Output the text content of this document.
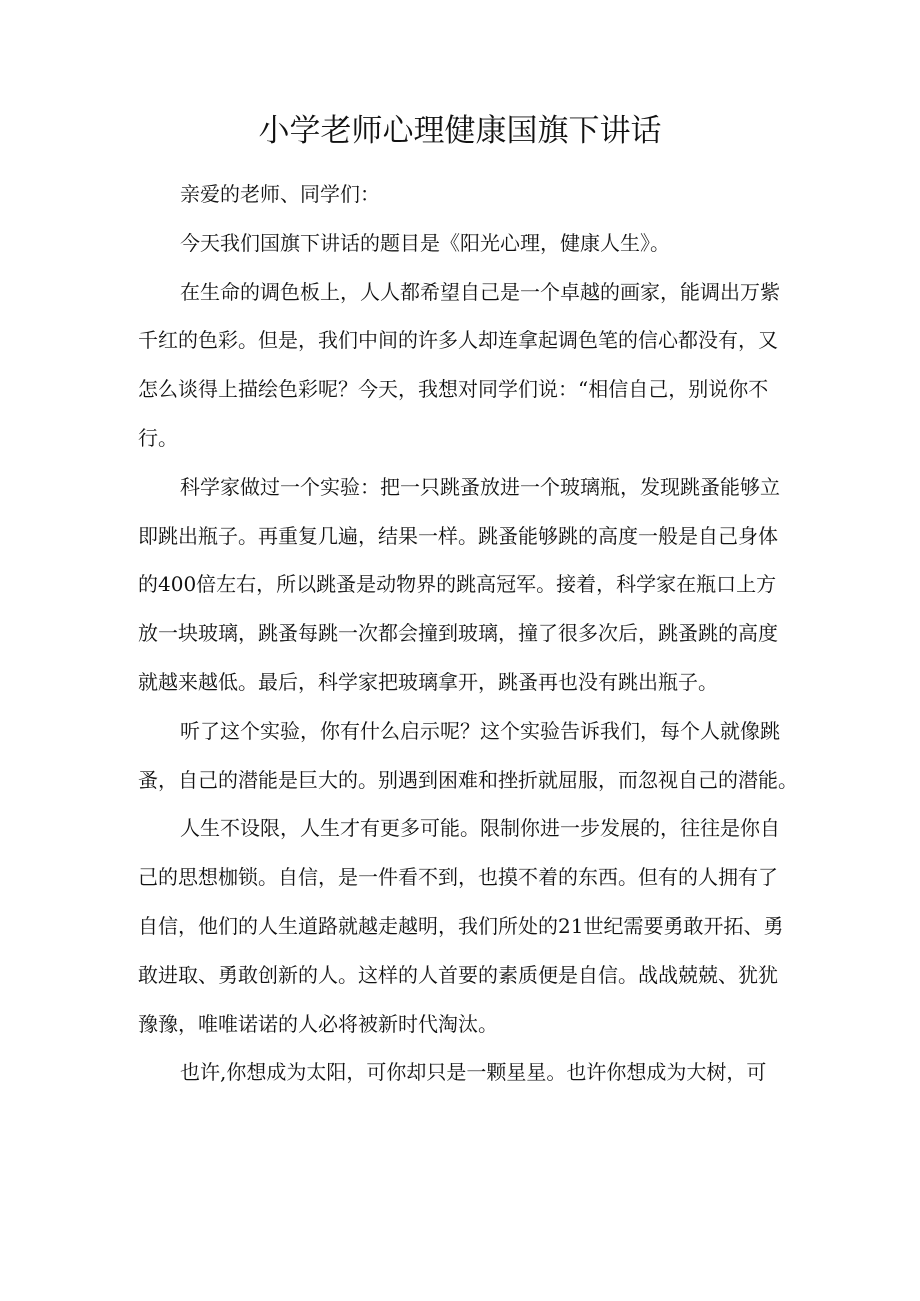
小学老师心理健康国旗下讲话

亲爱的老师、同学们：

今天我们国旗下讲话的题目是《阳光心理，健康人生》。

在生命的调色板上，人人都希望自己是一个卓越的画家，能调出万紫
千红的色彩。但是，我们中间的许多人却连拿起调色笔的信心都没有，又
怎么谈得上描绘色彩呢？今天，我想对同学们说：“相信自己，别说你不
行。

科学家做过一个实验：把一只跳蚤放进一个玻璃瓶，发现跳蚤能够立
即跳出瓶子。再重复几遍，结果一样。跳蚤能够跳的高度一般是自己身体
的400倍左右，所以跳蚤是动物界的跳高冠军。接着，科学家在瓶口上方
放一块玻璃，跳蚤每跳一次都会撞到玻璃，撞了很多次后，跳蚤跳的高度
就越来越低。最后，科学家把玻璃拿开，跳蚤再也没有跳出瓶子。

听了这个实验，你有什么启示呢？这个实验告诉我们，每个人就像跳
蚤，自己的潜能是巨大的。别遇到困难和挫折就屈服，而忽视自己的潜能。

人生不设限，人生才有更多可能。限制你进一步发展的，往往是你自
己的思想枷锁。自信，是一件看不到，也摸不着的东西。但有的人拥有了
自信，他们的人生道路就越走越明，我们所处的21世纪需要勇敢开拓、勇
敢进取、勇敢创新的人。这样的人首要的素质便是自信。战战兢兢、犹犹
豫豫，唯唯诺诺的人必将被新时代淘汰。

也许,你想成为太阳，可你却只是一颗星星。也许你想成为大树，可
